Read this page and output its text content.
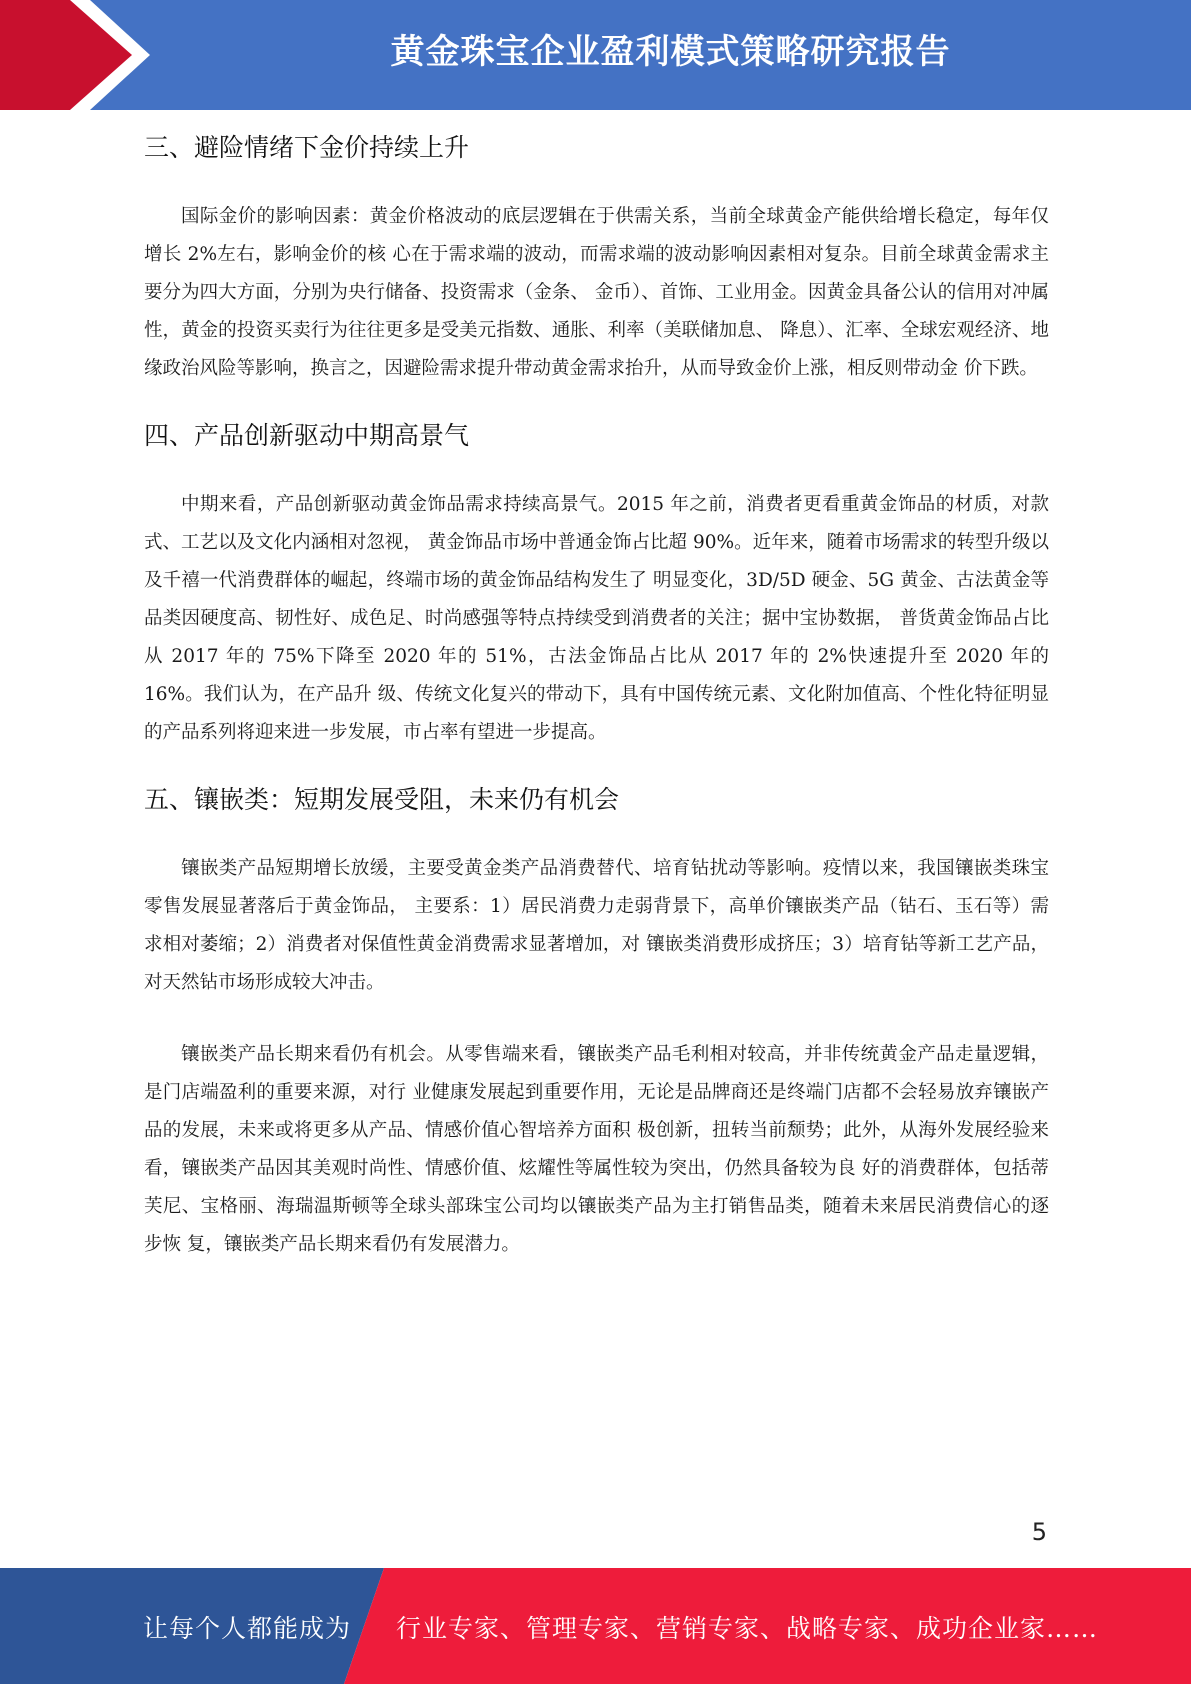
黄金珠宝企业盈利模式策略研究报告
三、避险情绪下金价持续上升

国际金价的影响因素：黄金价格波动的底层逻辑在于供需关系，当前全球黄金产能供给增长稳定，每年仅增长 2%左右，影响金价的核 心在于需求端的波动，而需求端的波动影响因素相对复杂。目前全球黄金需求主要分为四大方面，分别为央行储备、投资需求（金条、 金币）、首饰、工业用金。因黄金具备公认的信用对冲属性，黄金的投资买卖行为往往更多是受美元指数、通胀、利率（美联储加息、 降息）、汇率、全球宏观经济、地缘政治风险等影响，换言之，因避险需求提升带动黄金需求抬升，从而导致金价上涨，相反则带动金 价下跌。

四、产品创新驱动中期高景气

中期来看，产品创新驱动黄金饰品需求持续高景气。2015 年之前，消费者更看重黄金饰品的材质，对款式、工艺以及文化内涵相对忽视， 黄金饰品市场中普通金饰占比超 90%。近年来，随着市场需求的转型升级以及千禧一代消费群体的崛起，终端市场的黄金饰品结构发生了 明显变化，3D/5D 硬金、5G 黄金、古法黄金等品类因硬度高、韧性好、成色足、时尚感强等特点持续受到消费者的关注；据中宝协数据， 普货黄金饰品占比从 2017 年的 75%下降至 2020 年的 51%，古法金饰品占比从 2017 年的 2%快速提升至 2020 年的 16%。我们认为，在产品升 级、传统文化复兴的带动下，具有中国传统元素、文化附加值高、个性化特征明显的产品系列将迎来进一步发展，市占率有望进一步提高。

五、镶嵌类：短期发展受阻，未来仍有机会

镶嵌类产品短期增长放缓，主要受黄金类产品消费替代、培育钻扰动等影响。疫情以来，我国镶嵌类珠宝零售发展显著落后于黄金饰品， 主要系：1）居民消费力走弱背景下，高单价镶嵌类产品（钻石、玉石等）需求相对萎缩；2）消费者对保值性黄金消费需求显著增加，对 镶嵌类消费形成挤压；3）培育钻等新工艺产品，对天然钻市场形成较大冲击。

镶嵌类产品长期来看仍有机会。从零售端来看，镶嵌类产品毛利相对较高，并非传统黄金产品走量逻辑，是门店端盈利的重要来源，对行 业健康发展起到重要作用，无论是品牌商还是终端门店都不会轻易放弃镶嵌产品的发展，未来或将更多从产品、情感价值心智培养方面积 极创新，扭转当前颓势；此外，从海外发展经验来看，镶嵌类产品因其美观时尚性、情感价值、炫耀性等属性较为突出，仍然具备较为良 好的消费群体，包括蒂芙尼、宝格丽、海瑞温斯顿等全球头部珠宝公司均以镶嵌类产品为主打销售品类，随着未来居民消费信心的逐步恢 复，镶嵌类产品长期来看仍有发展潜力。

5
让每个人都能成为 行业专家、管理专家、营销专家、战略专家、成功企业家……
